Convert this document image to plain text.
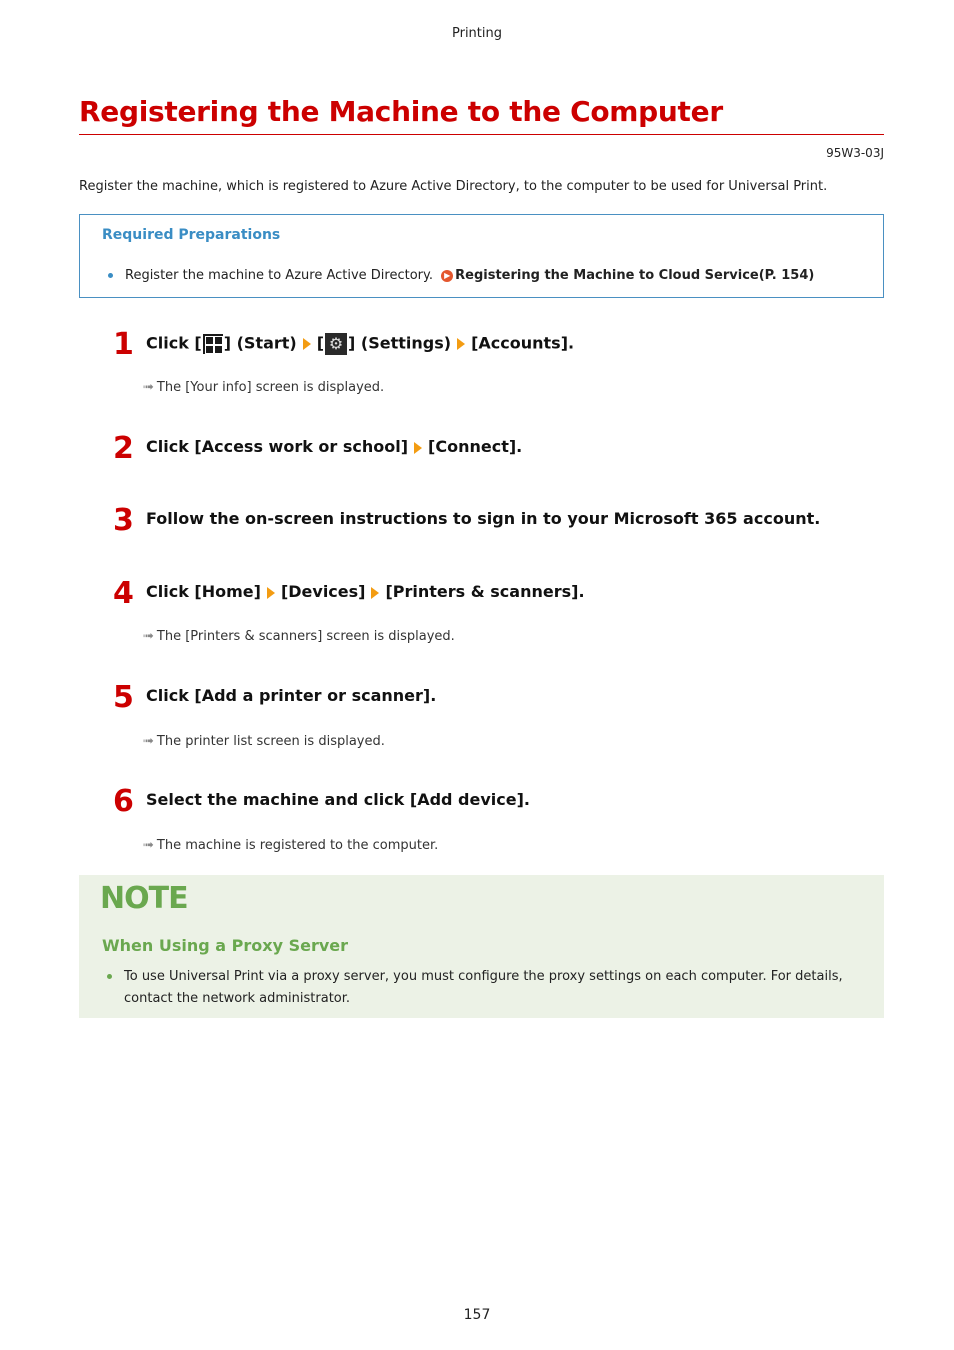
Printing
Registering the Machine to the Computer
95W3-03J
Register the machine, which is registered to Azure Active Directory, to the computer to be used for Universal Print.
Required Preparations
Register the machine to Azure Active Directory. ▶ Registering the Machine to Cloud Service(P. 154)
1 Click [ ] (Start) [ ⚙ ] (Settings) [Accounts].
➟ The [Your info] screen is displayed.
2 Click [Access work or school] [Connect].
3 Follow the on-screen instructions to sign in to your Microsoft 365 account.
4 Click [Home] [Devices] [Printers & scanners].
➟ The [Printers & scanners] screen is displayed.
5 Click [Add a printer or scanner].
➟ The printer list screen is displayed.
6 Select the machine and click [Add device].
➟ The machine is registered to the computer.
NOTE
When Using a Proxy Server
To use Universal Print via a proxy server, you must configure the proxy settings on each computer. For details, contact the network administrator.
157
